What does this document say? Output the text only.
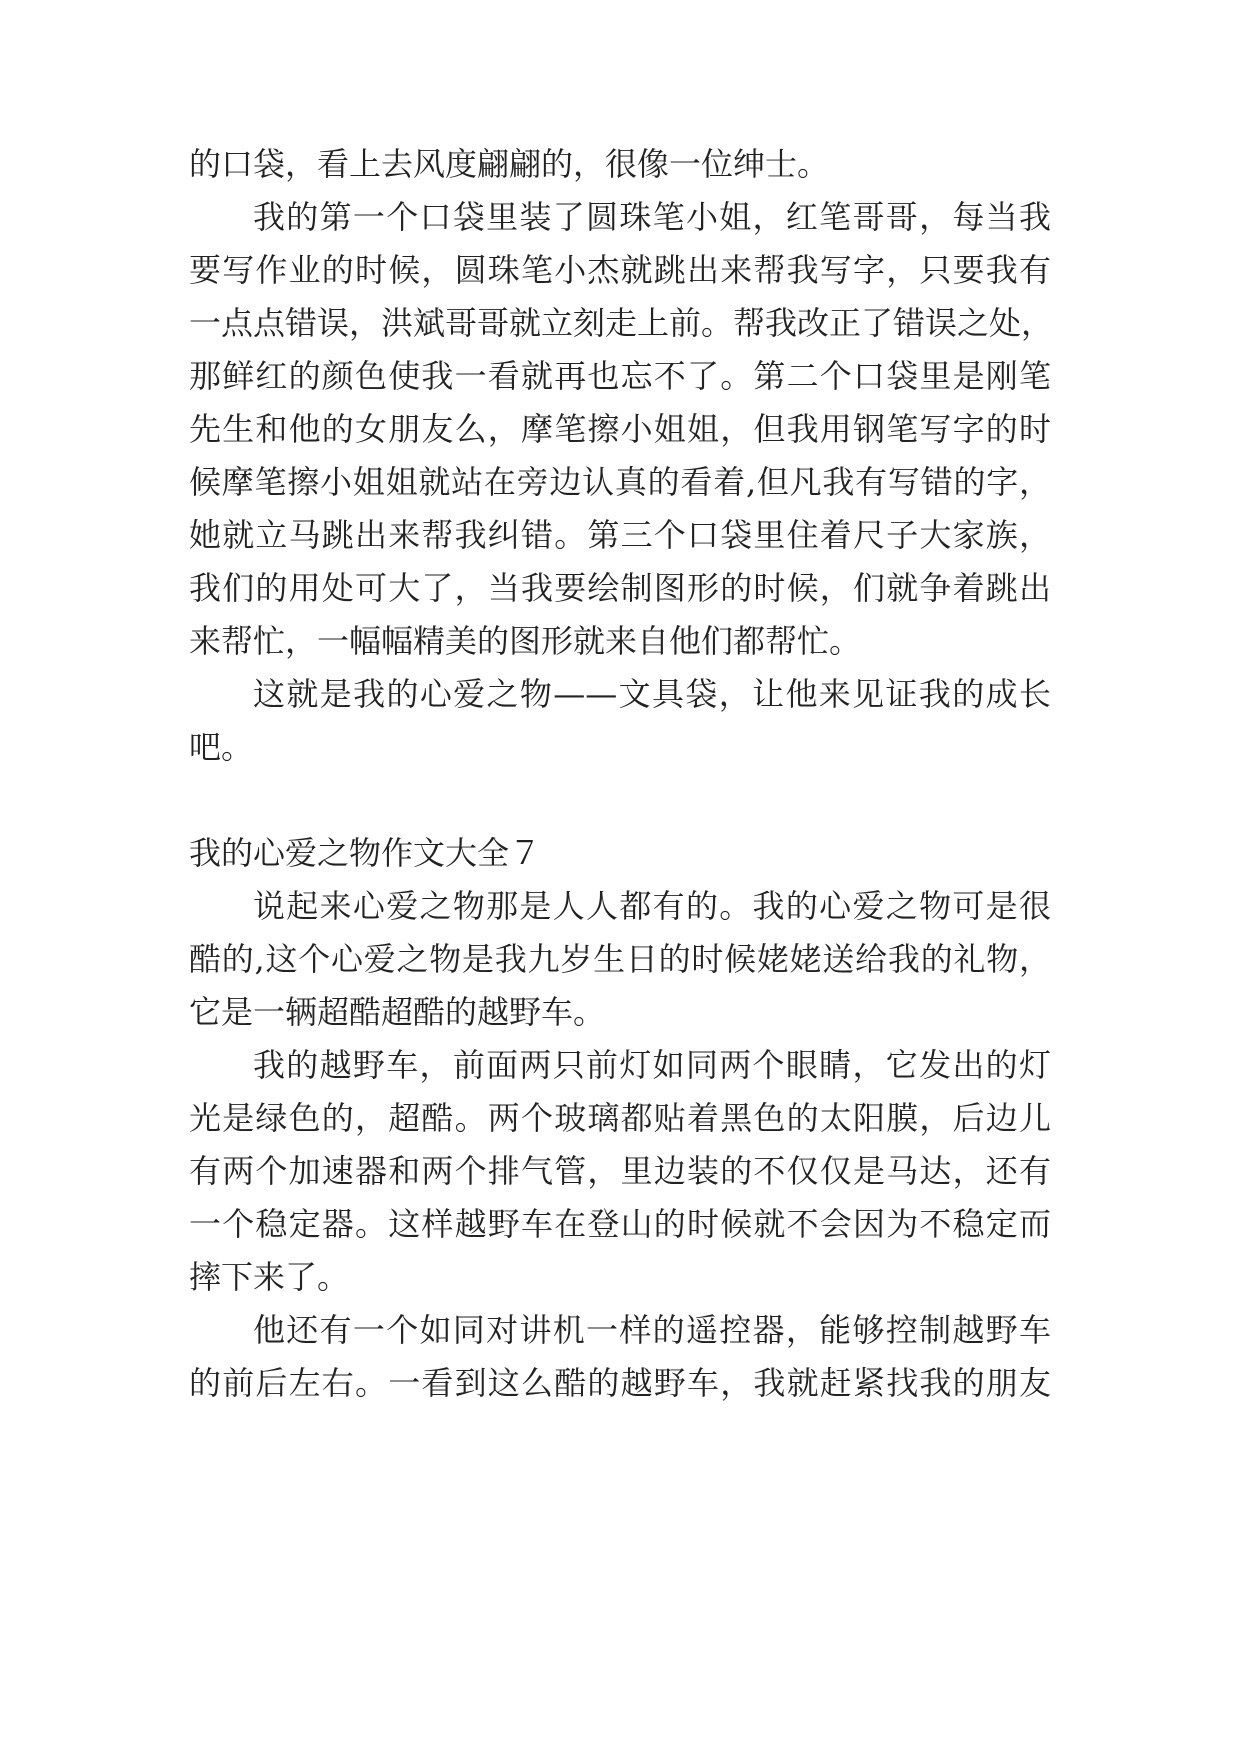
的口袋，看上去风度翩翩的，很像一位绅士。

我的第一个口袋里装了圆珠笔小姐，红笔哥哥，每当我

要写作业的时候，圆珠笔小杰就跳出来帮我写字，只要我有

一点点错误，洪斌哥哥就立刻走上前。帮我改正了错误之处，

那鲜红的颜色使我一看就再也忘不了。第二个口袋里是刚笔

先生和他的女朋友么，摩笔擦小姐姐，但我用钢笔写字的时

候摩笔擦小姐姐就站在旁边认真的看着,但凡我有写错的字，

她就立马跳出来帮我纠错。第三个口袋里住着尺子大家族，

我们的用处可大了，当我要绘制图形的时候，们就争着跳出

来帮忙，一幅幅精美的图形就来自他们都帮忙。

这就是我的心爱之物——文具袋，让他来见证我的成长

吧。

我的心爱之物作文大全７

说起来心爱之物那是人人都有的。我的心爱之物可是很

酷的,这个心爱之物是我九岁生日的时候姥姥送给我的礼物，

它是一辆超酷超酷的越野车。

我的越野车，前面两只前灯如同两个眼睛，它发出的灯

光是绿色的，超酷。两个玻璃都贴着黑色的太阳膜，后边儿

有两个加速器和两个排气管，里边装的不仅仅是马达，还有

一个稳定器。这样越野车在登山的时候就不会因为不稳定而

摔下来了。

他还有一个如同对讲机一样的遥控器，能够控制越野车

的前后左右。一看到这么酷的越野车，我就赶紧找我的朋友
